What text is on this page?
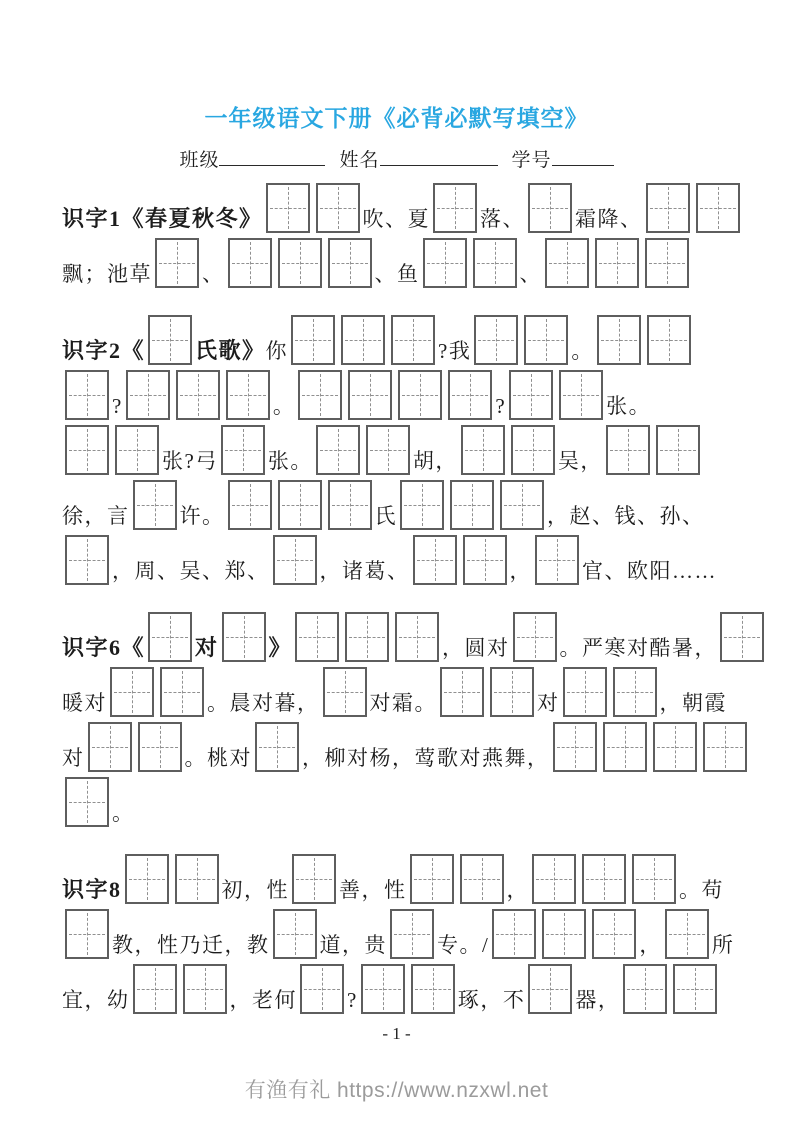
一年级语文下册《必背必默写填空》
班级	姓名	学号
识字1《春夏秋冬》	吹、夏 落、 霜降、
飘；池草 、	、鱼	、
识字2《 氏歌》 你	?我	。
?	。	?	张。
张?弓 张。	胡，	吴，
徐，言 许。	氏	，赵、钱、孙、
，周、吴、郑、 ，诸葛、	， 官、欧阳……
识字6《 对 》	，圆对 。严寒对酷暑，
暖对	。晨对暮， 对霜。	对	，朝霞
对	。桃对 ，柳对杨，莺歌对燕舞，
。
识字8	初，性 善，性	，	。苟
教，性乃迁，教 道，贵 专。/	， 所
宜，幼	，老何 ?	琢，不 器，
- 1 -
有渔有礼 https://www.nzxwl.net
